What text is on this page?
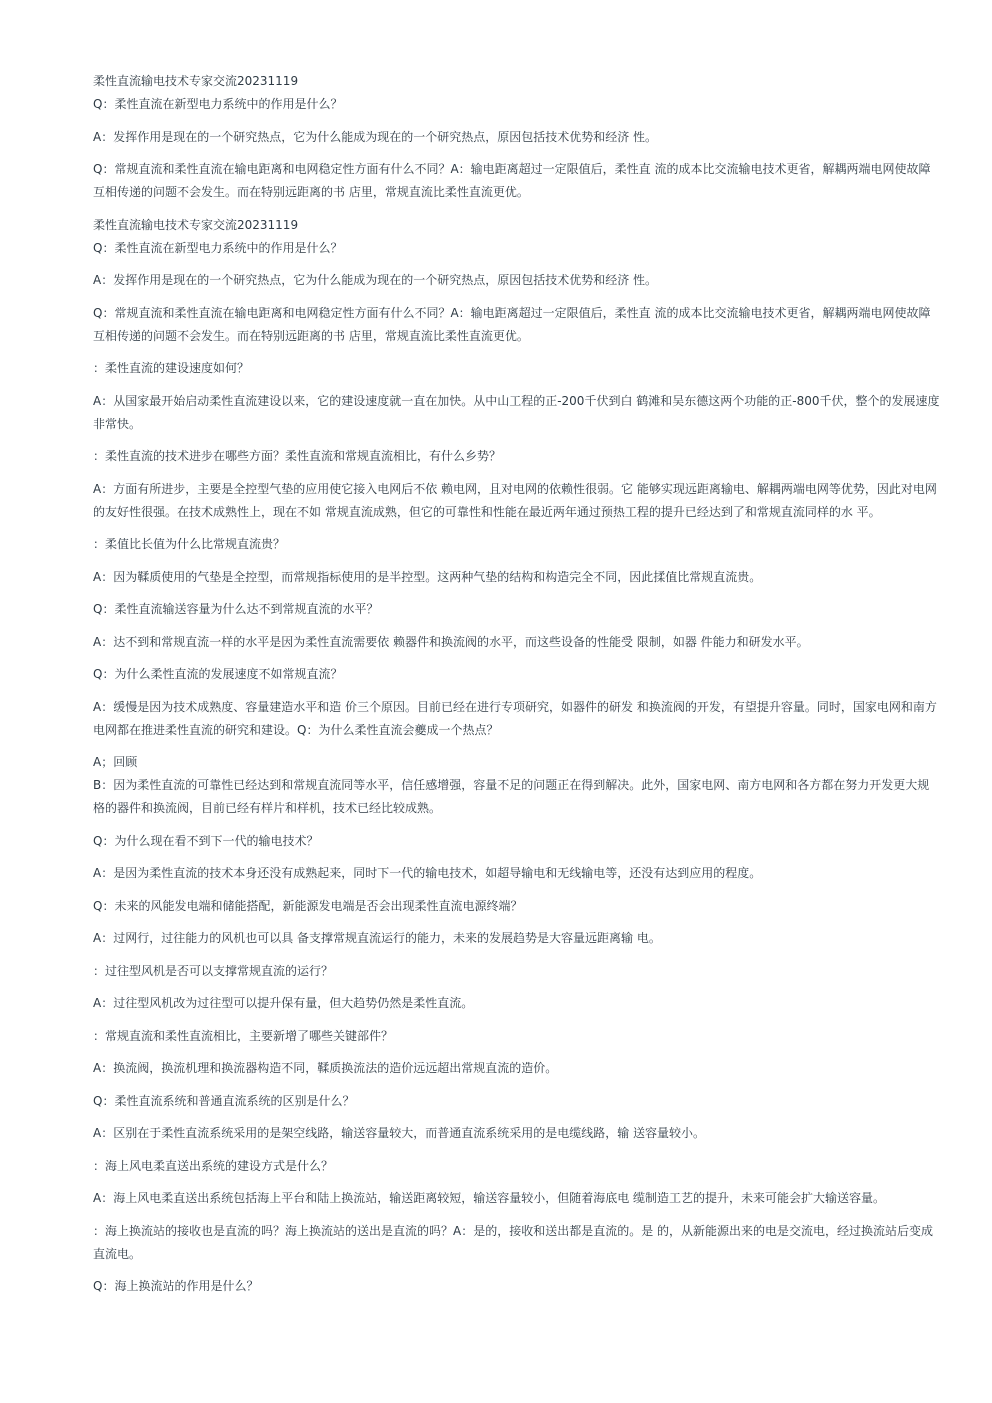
柔性直流输电技术专家交流20231119

Q：柔性直流在新型电力系统中的作用是什么？

A：发挥作用是现在的一个研究热点，它为什么能成为现在的一个研究热点，原因包括技术优势和经济 性。

Q：常规直流和柔性直流在输电距离和电网稳定性方面有什么不同？A：输电距离超过一定限值后，柔性直 流的成本比交流输电技术更省，解耦两端电网使故障互相传递的问题不会发生。而在特别远距离的书 店里，常规直流比柔性直流更优。

柔性直流输电技术专家交流20231119

Q：柔性直流在新型电力系统中的作用是什么？

A：发挥作用是现在的一个研究热点，它为什么能成为现在的一个研究热点，原因包括技术优势和经济 性。

Q：常规直流和柔性直流在输电距离和电网稳定性方面有什么不同？A：输电距离超过一定限值后，柔性直 流的成本比交流输电技术更省，解耦两端电网使故障互相传递的问题不会发生。而在特别远距离的书 店里，常规直流比柔性直流更优。

：柔性直流的建设速度如何？

A：从国家最开始启动柔性直流建设以来，它的建设速度就一直在加快。从中山工程的正-200千伏到白 鹤滩和吴东德这两个功能的正-800千伏，整个的发展速度非常快。

：柔性直流的技术进步在哪些方面？柔性直流和常规直流相比，有什么乡势？

A：方面有所进步，主要是全控型气垫的应用使它接入电网后不依 赖电网，且对电网的依赖性很弱。它 能够实现远距离输电、解耦两端电网等优势，因此对电网的友好性很强。在技术成熟性上，现在不如 常规直流成熟，但它的可靠性和性能在最近两年通过预热工程的提升已经达到了和常规直流同样的水 平。

：柔值比长值为什么比常规直流贵？

A：因为鞣质使用的气垫是全控型，而常规指标使用的是半控型。这两种气垫的结构和构造完全不同，因此揉值比常规直流贵。

Q：柔性直流输送容量为什么达不到常规直流的水平？

A：达不到和常规直流一样的水平是因为柔性直流需要依 赖器件和换流阀的水平，而这些设备的性能受 限制，如器 件能力和研发水平。

Q：为什么柔性直流的发展速度不如常规直流？

A：缓慢是因为技术成熟度、容量建造水平和造 价三个原因。目前已经在进行专项研究，如器件的研发 和换流阀的开发，有望提升容量。同时，国家电网和南方电网都在推进柔性直流的研究和建设。Q：为什么柔性直流会夔成一个热点？

A；回顾

B：因为柔性直流的可靠性已经达到和常规直流同等水平，信任感增强，容量不足的问题正在得到解决。此外，国家电网、南方电网和各方都在努力开发更大规格的器件和换流阀，目前已经有样片和样机，技术已经比较成熟。

Q：为什么现在看不到下一代的输电技术？

A：是因为柔性直流的技术本身还没有成熟起来，同时下一代的输电技术，如超导输电和无线输电等，还没有达到应用的程度。

Q：未来的风能发电端和储能搭配，新能源发电端是否会出现柔性直流电源终端？

A：过网行，过往能力的风机也可以具 备支撑常规直流运行的能力，未来的发展趋势是大容量远距离输 电。

：过往型风机是否可以支撑常规直流的运行？

A：过往型风机改为过往型可以提升保有量，但大趋势仍然是柔性直流。

：常规直流和柔性直流相比，主要新增了哪些关键部件？

A：换流阀，换流机理和换流器构造不同，鞣质换流法的造价远远超出常规直流的造价。

Q：柔性直流系统和普通直流系统的区别是什么？

A：区别在于柔性直流系统采用的是架空线路，输送容量较大，而普通直流系统采用的是电缆线路，输 送容量较小。

：海上风电柔直送出系统的建设方式是什么？

A：海上风电柔直送出系统包括海上平台和陆上换流站，输送距离较短，输送容量较小，但随着海底电 缆制造工艺的提升，未来可能会扩大输送容量。

：海上换流站的接收也是直流的吗？海上换流站的送出是直流的吗？A：是的，接收和送出都是直流的。是 的，从新能源出来的电是交流电，经过换流站后变成直流电。

Q：海上换流站的作用是什么？
